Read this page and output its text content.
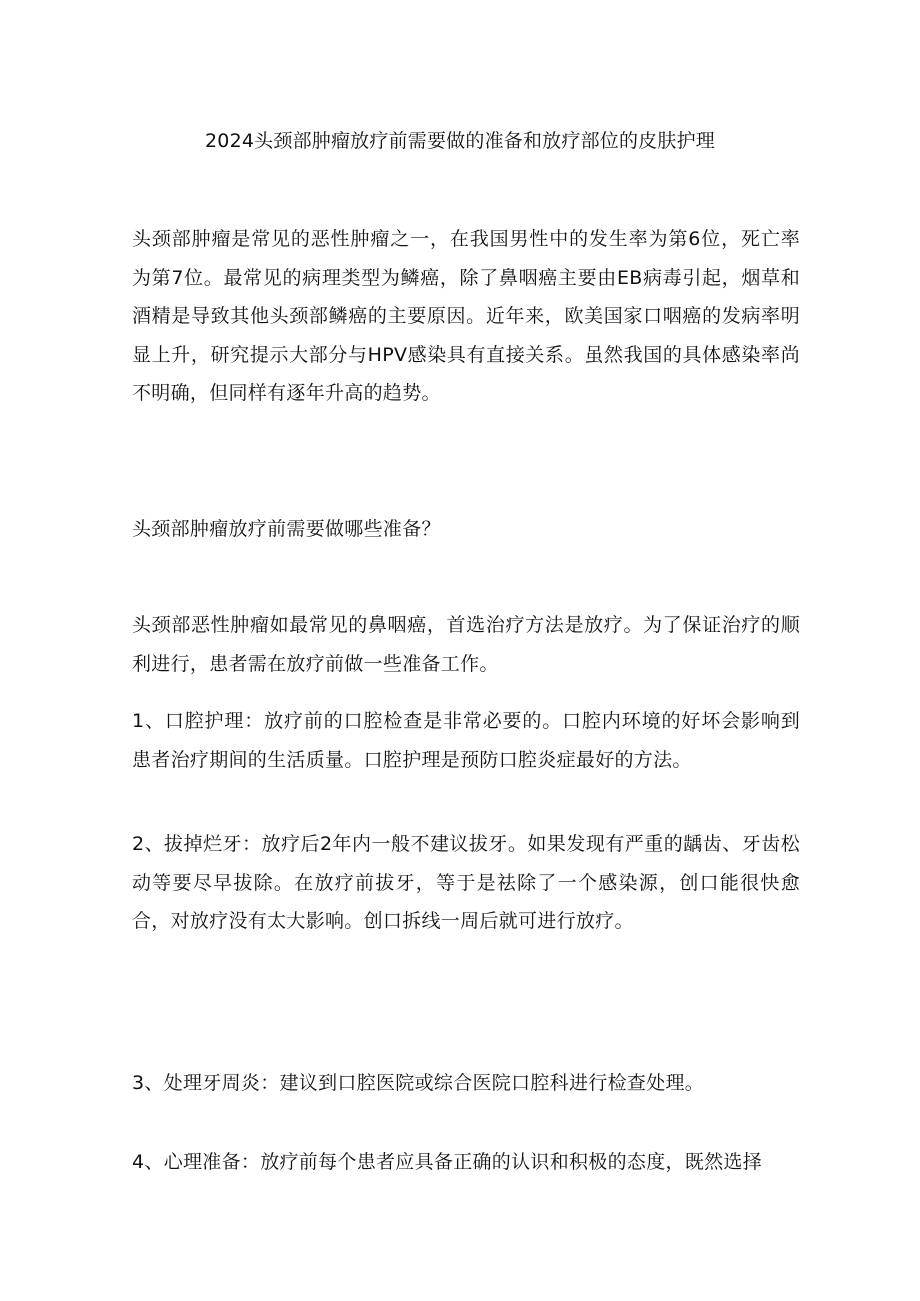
2024头颈部肿瘤放疗前需要做的准备和放疗部位的皮肤护理
头颈部肿瘤是常见的恶性肿瘤之一，在我国男性中的发生率为第6位，死亡率为第7位。最常见的病理类型为鳞癌，除了鼻咽癌主要由EB病毒引起，烟草和酒精是导致其他头颈部鳞癌的主要原因。近年来，欧美国家口咽癌的发病率明显上升，研究提示大部分与HPV感染具有直接关系。虽然我国的具体感染率尚不明确，但同样有逐年升高的趋势。
头颈部肿瘤放疗前需要做哪些准备？
头颈部恶性肿瘤如最常见的鼻咽癌，首选治疗方法是放疗。为了保证治疗的顺利进行，患者需在放疗前做一些准备工作。
1、口腔护理：放疗前的口腔检查是非常必要的。口腔内环境的好坏会影响到患者治疗期间的生活质量。口腔护理是预防口腔炎症最好的方法。
2、拔掉烂牙：放疗后2年内一般不建议拔牙。如果发现有严重的龋齿、牙齿松动等要尽早拔除。在放疗前拔牙，等于是祛除了一个感染源，创口能很快愈合，对放疗没有太大影响。创口拆线一周后就可进行放疗。
3、处理牙周炎：建议到口腔医院或综合医院口腔科进行检查处理。
4、心理准备：放疗前每个患者应具备正确的认识和积极的态度，既然选择
